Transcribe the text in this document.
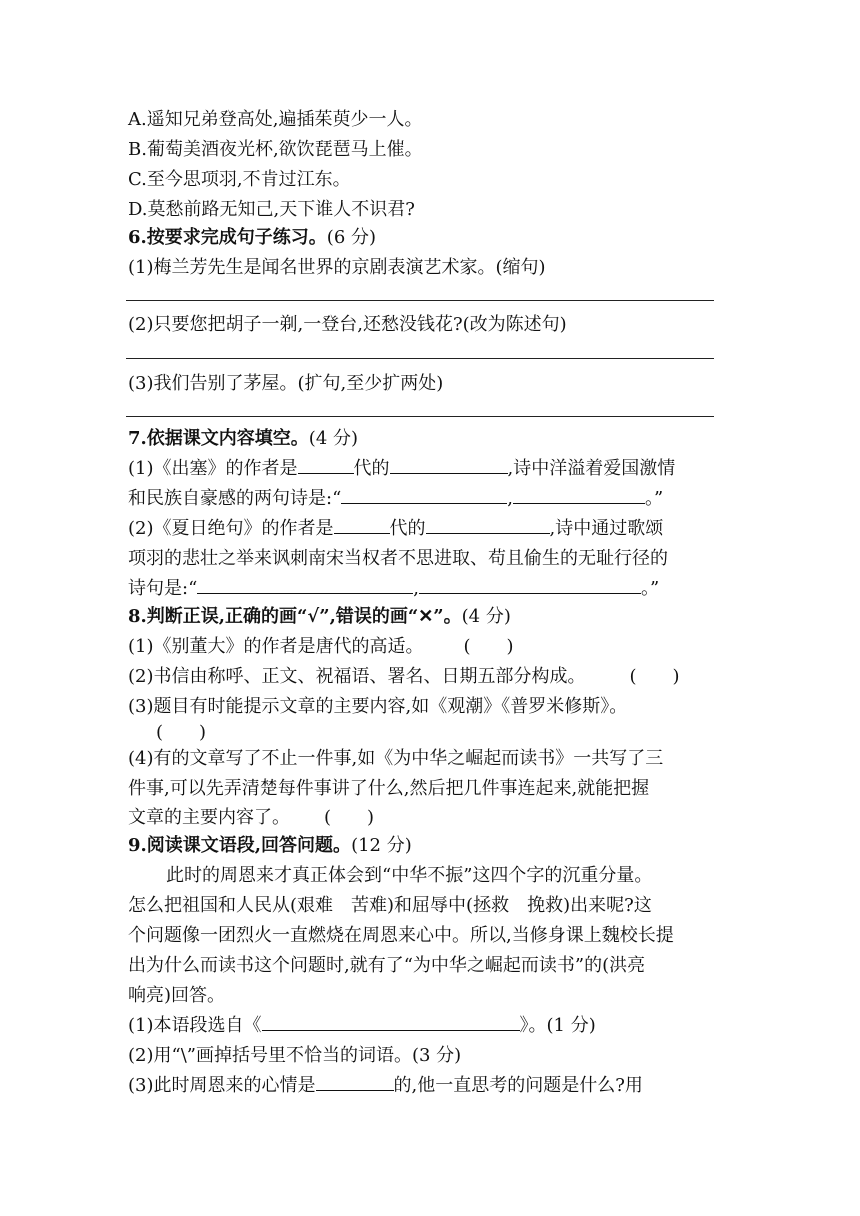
A.遥知兄弟登高处,遍插茱萸少一人。
B.葡萄美酒夜光杯,欲饮琵琶马上催。
C.至今思项羽,不肯过江东。
D.莫愁前路无知己,天下谁人不识君?
6.按要求完成句子练习。(6 分)
(1)梅兰芳先生是闻名世界的京剧表演艺术家。(缩句)
(2)只要您把胡子一剃,一登台,还愁没钱花?(改为陈述句)
(3)我们告别了茅屋。(扩句,至少扩两处)
7.依据课文内容填空。(4 分)
(1)《出塞》的作者是	代的	,诗中洋溢着爱国激情
和民族自豪感的两句诗是:“	,	。”
(2)《夏日绝句》的作者是	代的	,诗中通过歌颂
项羽的悲壮之举来讽刺南宋当权者不思进取、苟且偷生的无耻行径的
诗句是:“	,	。”
8.判断正误,正确的画“√”,错误的画“✕”。(4 分)
(1)《别董大》的作者是唐代的高适。 (　　)
(2)书信由称呼、正文、祝福语、署名、日期五部分构成。 (　　)
(3)题目有时能提示文章的主要内容,如《观潮》《普罗米修斯》。
(　　)
(4)有的文章写了不止一件事,如《为中华之崛起而读书》一共写了三
件事,可以先弄清楚每件事讲了什么,然后把几件事连起来,就能把握
文章的主要内容了。 (　　)
9.阅读课文语段,回答问题。(12 分)
此时的周恩来才真正体会到“中华不振”这四个字的沉重分量。
怎么把祖国和人民从(艰难　苦难)和屈辱中(拯救　挽救)出来呢?这
个问题像一团烈火一直燃烧在周恩来心中。所以,当修身课上魏校长提
出为什么而读书这个问题时,就有了“为中华之崛起而读书”的(洪亮
响亮)回答。
(1)本语段选自《	》。(1 分)
(2)用“\”画掉括号里不恰当的词语。(3 分)
(3)此时周恩来的心情是	的,他一直思考的问题是什么?用
